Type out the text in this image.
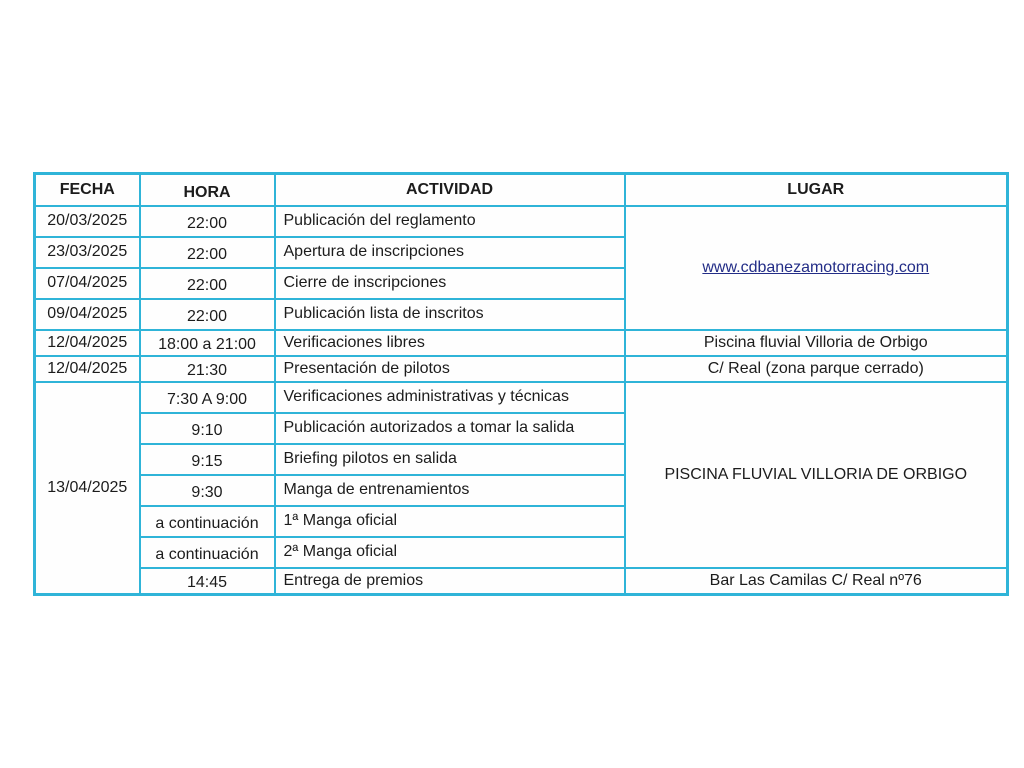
FECHA	HORA	ACTIVIDAD	LUGAR
20/03/2025	22:00	Publicación del reglamento	www.cdbanezamotorracing.com
23/03/2025	22:00	Apertura de inscripciones	
07/04/2025	22:00	Cierre de inscripciones	
09/04/2025	22:00	Publicación lista de inscritos	
12/04/2025	18:00 a 21:00	Verificaciones libres	Piscina fluvial Villoria de Orbigo
12/04/2025	21:30	Presentación de pilotos	C/ Real (zona parque cerrado)
13/04/2025	7:30 A 9:00	Verificaciones administrativas y técnicas	PISCINA FLUVIAL VILLORIA DE ORBIGO
	9:10	Publicación autorizados a tomar la salida	
	9:15	Briefing pilotos en salida	
	9:30	Manga de entrenamientos	
	a continuación	1ª Manga oficial	
	a continuación	2ª Manga oficial	
	14:45	Entrega de premios	Bar Las Camilas C/ Real nº76
